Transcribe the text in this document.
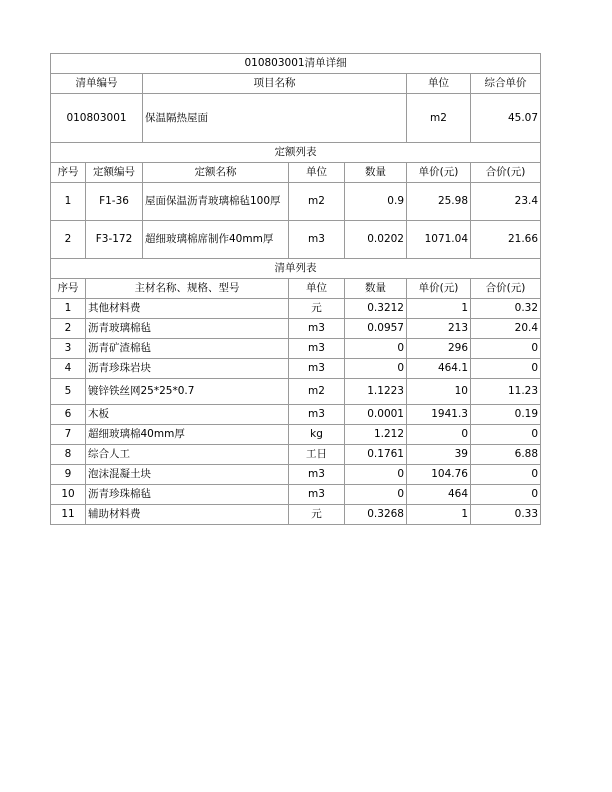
010803001清单详细						
清单编号		项目名称			单位	综合单价
010803001		保温隔热屋面			m2	45.07
定额列表						
序号	定额编号	定额名称	单位	数量	单价(元)	合价(元)
1	F1-36	屋面保温沥青玻璃棉毡100厚	m2	0.9	25.98	23.4
2	F3-172	超细玻璃棉席制作40mm厚	m3	0.0202	1071.04	21.66
清单列表						
序号	主材名称、规格、型号		单位	数量	单价(元)	合价(元)
1	其他材料费		元	0.3212	1	0.32
2	沥青玻璃棉毡		m3	0.0957	213	20.4
3	沥青矿渣棉毡		m3	0	296	0
4	沥青珍珠岩块		m3	0	464.1	0
5	镀锌铁丝网25*25*0.7		m2	1.1223	10	11.23
6	木板		m3	0.0001	1941.3	0.19
7	超细玻璃棉40mm厚		kg	1.212	0	0
8	综合人工		工日	0.1761	39	6.88
9	泡沫混凝土块		m3	0	104.76	0
10	沥青珍珠棉毡		m3	0	464	0
11	辅助材料费		元	0.3268	1	0.33
